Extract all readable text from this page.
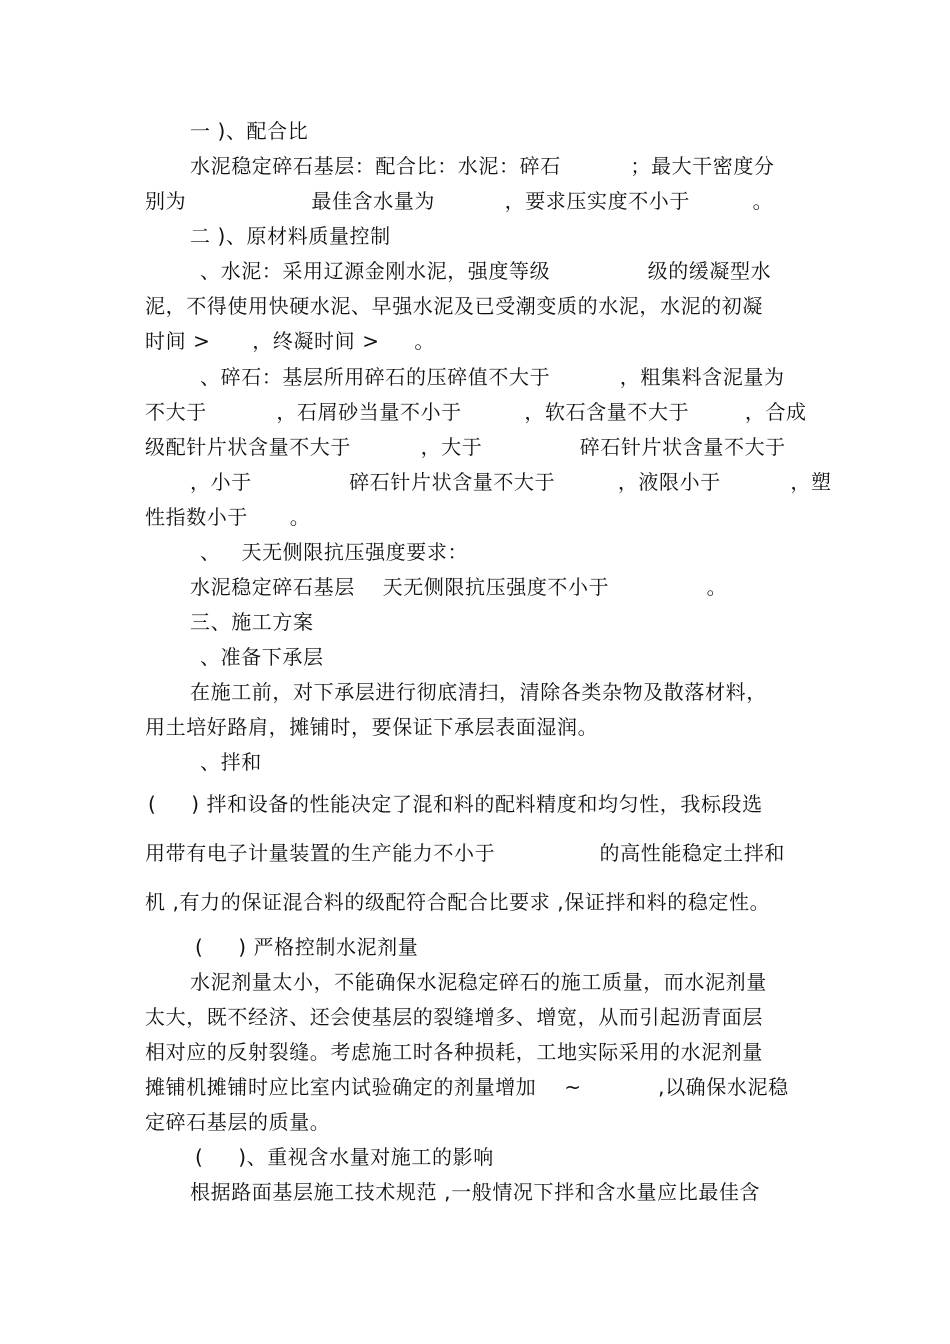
一 )、配合比
水泥稳定碎石基层：配合比：水泥：碎石          ；最大干密度分
别为                  最佳含水量为          ，要求压实度不小于         。
二 )、原材料质量控制
、水泥：采用辽源金刚水泥，强度等级              级的缓凝型水
泥，不得使用快硬水泥、早强水泥及已受潮变质的水泥，水泥的初凝
时间 >      ，终凝时间 >     。
、碎石：基层所用碎石的压碎值不大于          ，粗集料含泥量为
不大于          ，石屑砂当量不小于         ，软石含量不大于        ，合成
级配针片状含量不大于          ，大于              碎石针片状含量不大于
，小于              碎石针片状含量不大于         ，液限小于          ，塑
性指数小于      。
、   天无侧限抗压强度要求：
水泥稳定碎石基层    天无侧限抗压强度不小于              。
三、施工方案
、准备下承层
在施工前，对下承层进行彻底清扫，清除各类杂物及散落材料，
用土培好路肩，摊铺时，要保证下承层表面湿润。
、拌和
(     ) 拌和设备的性能决定了混和料的配料精度和均匀性，我标段选
用带有电子计量装置的生产能力不小于               的高性能稳定土拌和
机 ,有力的保证混合料的级配符合配合比要求 ,保证拌和料的稳定性。
(     ) 严格控制水泥剂量
水泥剂量太小，不能确保水泥稳定碎石的施工质量，而水泥剂量
太大，既不经济、还会使基层的裂缝增多、增宽，从而引起沥青面层
相对应的反射裂缝。考虑施工时各种损耗，工地实际采用的水泥剂量
摊铺机摊铺时应比室内试验确定的剂量增加    ~           ,以确保水泥稳
定碎石基层的质量。
(     )、重视含水量对施工的影响
根据路面基层施工技术规范 ,一般情况下拌和含水量应比最佳含
